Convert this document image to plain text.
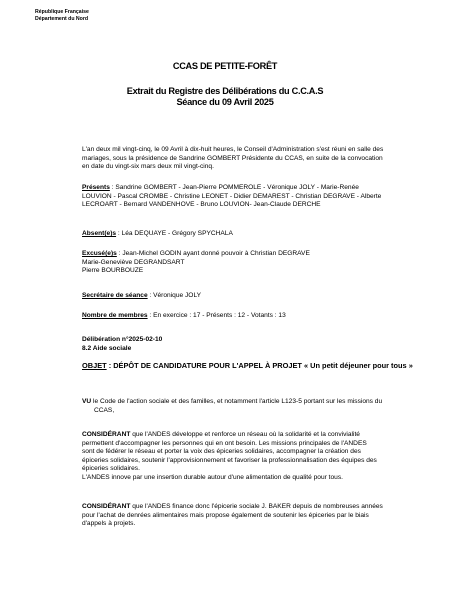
République Française
Département du Nord
CCAS DE PETITE-FORÊT
Extrait du Registre des Délibérations du C.C.A.S
Séance du 09 Avril 2025
L'an deux mil vingt-cinq, le 09 Avril à dix-huit heures, le Conseil d'Administration s'est réuni en salle des
mariages, sous la présidence de Sandrine GOMBERT Présidente du CCAS, en suite de la convocation
en date du vingt-six mars deux mil vingt-cinq.
Présents : Sandrine GOMBERT - Jean-Pierre POMMEROLE - Véronique JOLY - Marie-Renée
LOUVION - Pascal CROMBE - Christine LEONET - Didier DEMAREST - Christian DEGRAVE - Alberte
LECROART - Bernard VANDENHOVE - Bruno LOUVION- Jean-Claude DERCHE
Absent(e)s : Léa DEQUAYE - Grégory SPYCHALA
Excusé(e)s : Jean-Michel GODIN ayant donné pouvoir à Christian DEGRAVE
Marie-Geneviève DEGRANDSART
Pierre BOURBOUZE
Secrétaire de séance : Véronique JOLY
Nombre de membres : En exercice : 17 - Présents : 12 - Votants : 13
Délibération n°2025-02-10
8.2 Aide sociale
OBJET : DÉPÔT DE CANDIDATURE POUR L'APPEL À PROJET « Un petit déjeuner pour tous »
VU le Code de l'action sociale et des familles, et notamment l'article L123-5 portant sur les missions du
CCAS,
CONSIDÉRANT que l'ANDES développe et renforce un réseau où la solidarité et la convivialité
permettent d'accompagner les personnes qui en ont besoin. Les missions principales de l'ANDES
sont de fédérer le réseau et porter la voix des épiceries solidaires, accompagner la création des
épiceries solidaires, soutenir l'approvisionnement et favoriser la professionnalisation des équipes des
épiceries solidaires.
L'ANDES innove par une insertion durable autour d'une alimentation de qualité pour tous.
CONSIDÉRANT que l'ANDES finance donc l'épicerie sociale J. BAKER depuis de nombreuses années
pour l'achat de denrées alimentaires mais propose également de soutenir les épiceries par le biais
d'appels à projets.
